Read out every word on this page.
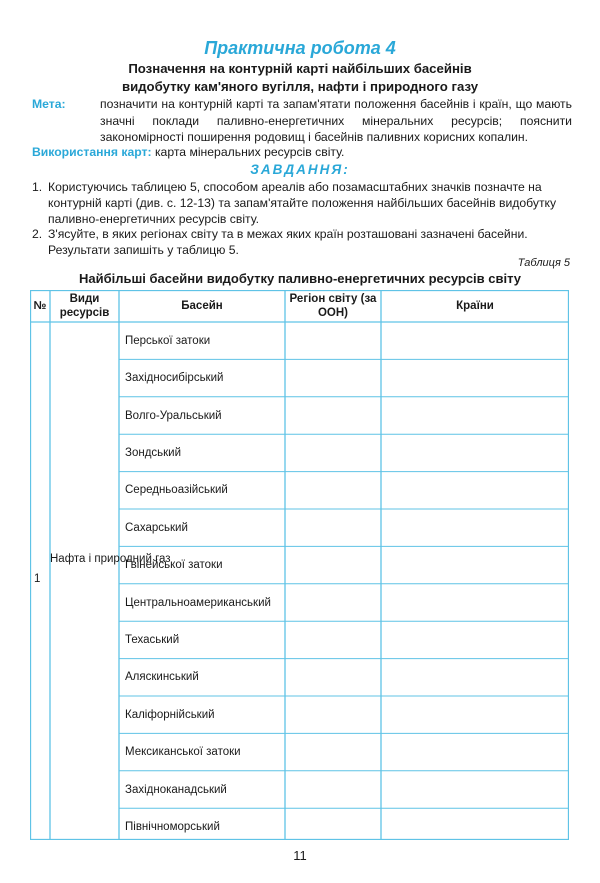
Практична робота 4
Позначення на контурній карті найбільших басейнів
видобутку кам'яного вугілля, нафти і природного газу
Мета:	позначити на контурній карті та запам'ятати положення басейнів і країн, що мають значні поклади паливно-енергетичних мінеральних ресурсів; пояснити закономірності поширення родовищ і басейнів паливних корисних копалин.
Використання карт: карта мінеральних ресурсів світу.
ЗАВДАННЯ:
1. Користуючись таблицею 5, способом ареалів або позамасштабних значків позначте на контурній карті (див. с. 12-13) та запам'ятайте положення найбільших басейнів видобутку паливно-енергетичних ресурсів світу.
2. З'ясуйте, в яких регіонах світу та в межах яких країн розташовані зазначені басейни. Результати запишіть у таблицю 5.
Таблиця 5
Найбільші басейни видобутку паливно-енергетичних ресурсів світу
№
Види ресурсів
Басейн
Регіон світу (за ООН)
Країни
1
Нафта і природний газ
Перської затоки
Західносибірський
Волго-Уральський
Зондський
Середньоазійський
Сахарський
Гвінейської затоки
Центральноамериканський
Техаський
Аляскинський
Каліфорнійський
Мексиканської затоки
Західноканадський
Північноморський
11
